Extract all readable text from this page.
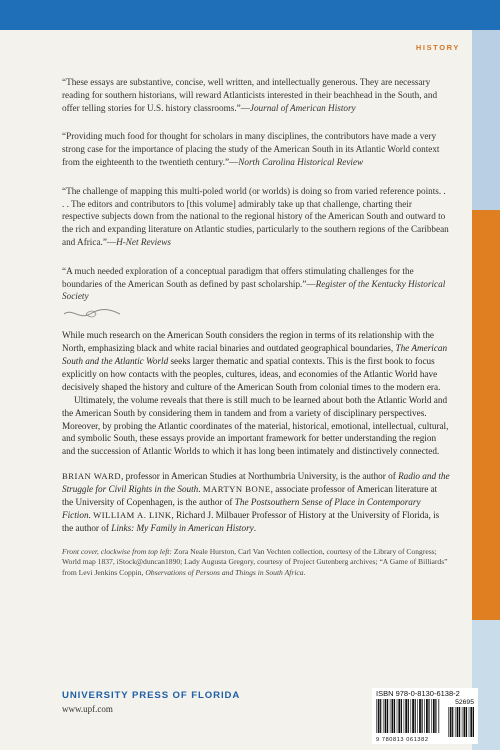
HISTORY

“These essays are substantive, concise, well written, and intellectually generous. They are necessary reading for southern historians, will reward Atlanticists interested in their beachhead in the South, and offer telling stories for U.S. history classrooms.”—Journal of American History

“Providing much food for thought for scholars in many disciplines, the contributors have made a very strong case for the importance of placing the study of the American South in its Atlantic World context from the eighteenth to the twentieth century.”—North Carolina Historical Review

“The challenge of mapping this multi-poled world (or worlds) is doing so from varied reference points. . . . The editors and contributors to [this volume] admirably take up that challenge, charting their respective subjects down from the national to the regional history of the American South and outward to the rich and expanding literature on Atlantic studies, particularly to the southern regions of the Caribbean and Africa.”—H-Net Reviews

“A much needed exploration of a conceptual paradigm that offers stimulating challenges for the boundaries of the American South as defined by past scholarship.”—Register of the Kentucky Historical Society

While much research on the American South considers the region in terms of its relationship with the North, emphasizing black and white racial binaries and outdated geographical boundaries, The American South and the Atlantic World seeks larger thematic and spatial contexts. This is the first book to focus explicitly on how contacts with the peoples, cultures, ideas, and economies of the Atlantic World have decisively shaped the history and culture of the American South from colonial times to the modern era.

Ultimately, the volume reveals that there is still much to be learned about both the Atlantic World and the American South by considering them in tandem and from a variety of disciplinary perspectives. Moreover, by probing the Atlantic coordinates of the material, historical, emotional, intellectual, cultural, and symbolic South, these essays provide an important framework for better understanding the region and the succession of Atlantic Worlds to which it has long been intimately and distinctively connected.

BRIAN WARD, professor in American Studies at Northumbria University, is the author of Radio and the Struggle for Civil Rights in the South. MARTYN BONE, associate professor of American literature at the University of Copenhagen, is the author of The Postsouthern Sense of Place in Contemporary Fiction. WILLIAM A. LINK, Richard J. Milbauer Professor of History at the University of Florida, is the author of Links: My Family in American History.
Front cover, clockwise from top left: Zora Neale Hurston, Carl Van Vechten collection, courtesy of the Library of Congress; World map 1837, iStock@duncan1890; Lady Augusta Gregory, courtesy of Project Gutenberg archives; “A Game of Billiards” from Levi Jenkins Coppin, Observations of Persons and Things in South Africa.
UNIVERSITY PRESS OF FLORIDA
www.upf.com
ISBN 978-0-8130-6138-2
52695
9 780813 061382
